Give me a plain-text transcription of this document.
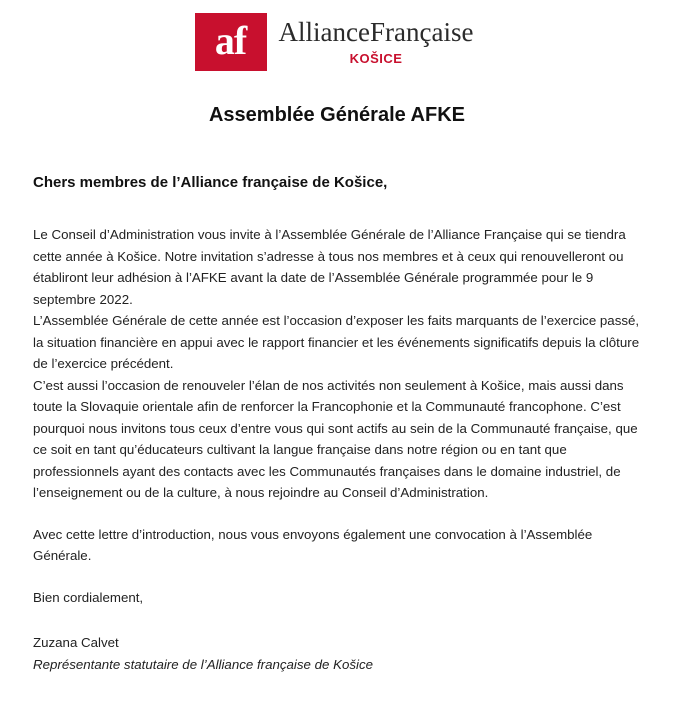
af AllianceFrançaise
KOŠICE
Assemblée Générale AFKE
Chers membres de l’Alliance française de Košice,

Le Conseil d’Administration vous invite à l’Assemblée Générale de l’Alliance Française qui se tiendra cette année à Košice. Notre invitation s’adresse à tous nos membres et à ceux qui renouvelleront ou établiront leur adhésion à l’AFKE avant la date de l’Assemblée Générale programmée pour le 9 septembre 2022.

L’Assemblée Générale de cette année est l’occasion d’exposer les faits marquants de l’exercice passé, la situation financière en appui avec le rapport financier et les événements significatifs depuis la clôture de l’exercice précédent.

C’est aussi l’occasion de renouveler l’élan de nos activités non seulement à Košice, mais aussi dans toute la Slovaquie orientale afin de renforcer la Francophonie et la Communauté francophone. C’est pourquoi nous invitons tous ceux d’entre vous qui sont actifs au sein de la Communauté française, que ce soit en tant qu’éducateurs cultivant la langue française dans notre région ou en tant que professionnels ayant des contacts avec les Communautés françaises dans le domaine industriel, de l’enseignement ou de la culture, à nous rejoindre au Conseil d’Administration.

Avec cette lettre d’introduction, nous vous envoyons également une convocation à l’Assemblée Générale.

Bien cordialement,

Zuzana Calvet
Représentante statutaire de l’Alliance française de Košice
